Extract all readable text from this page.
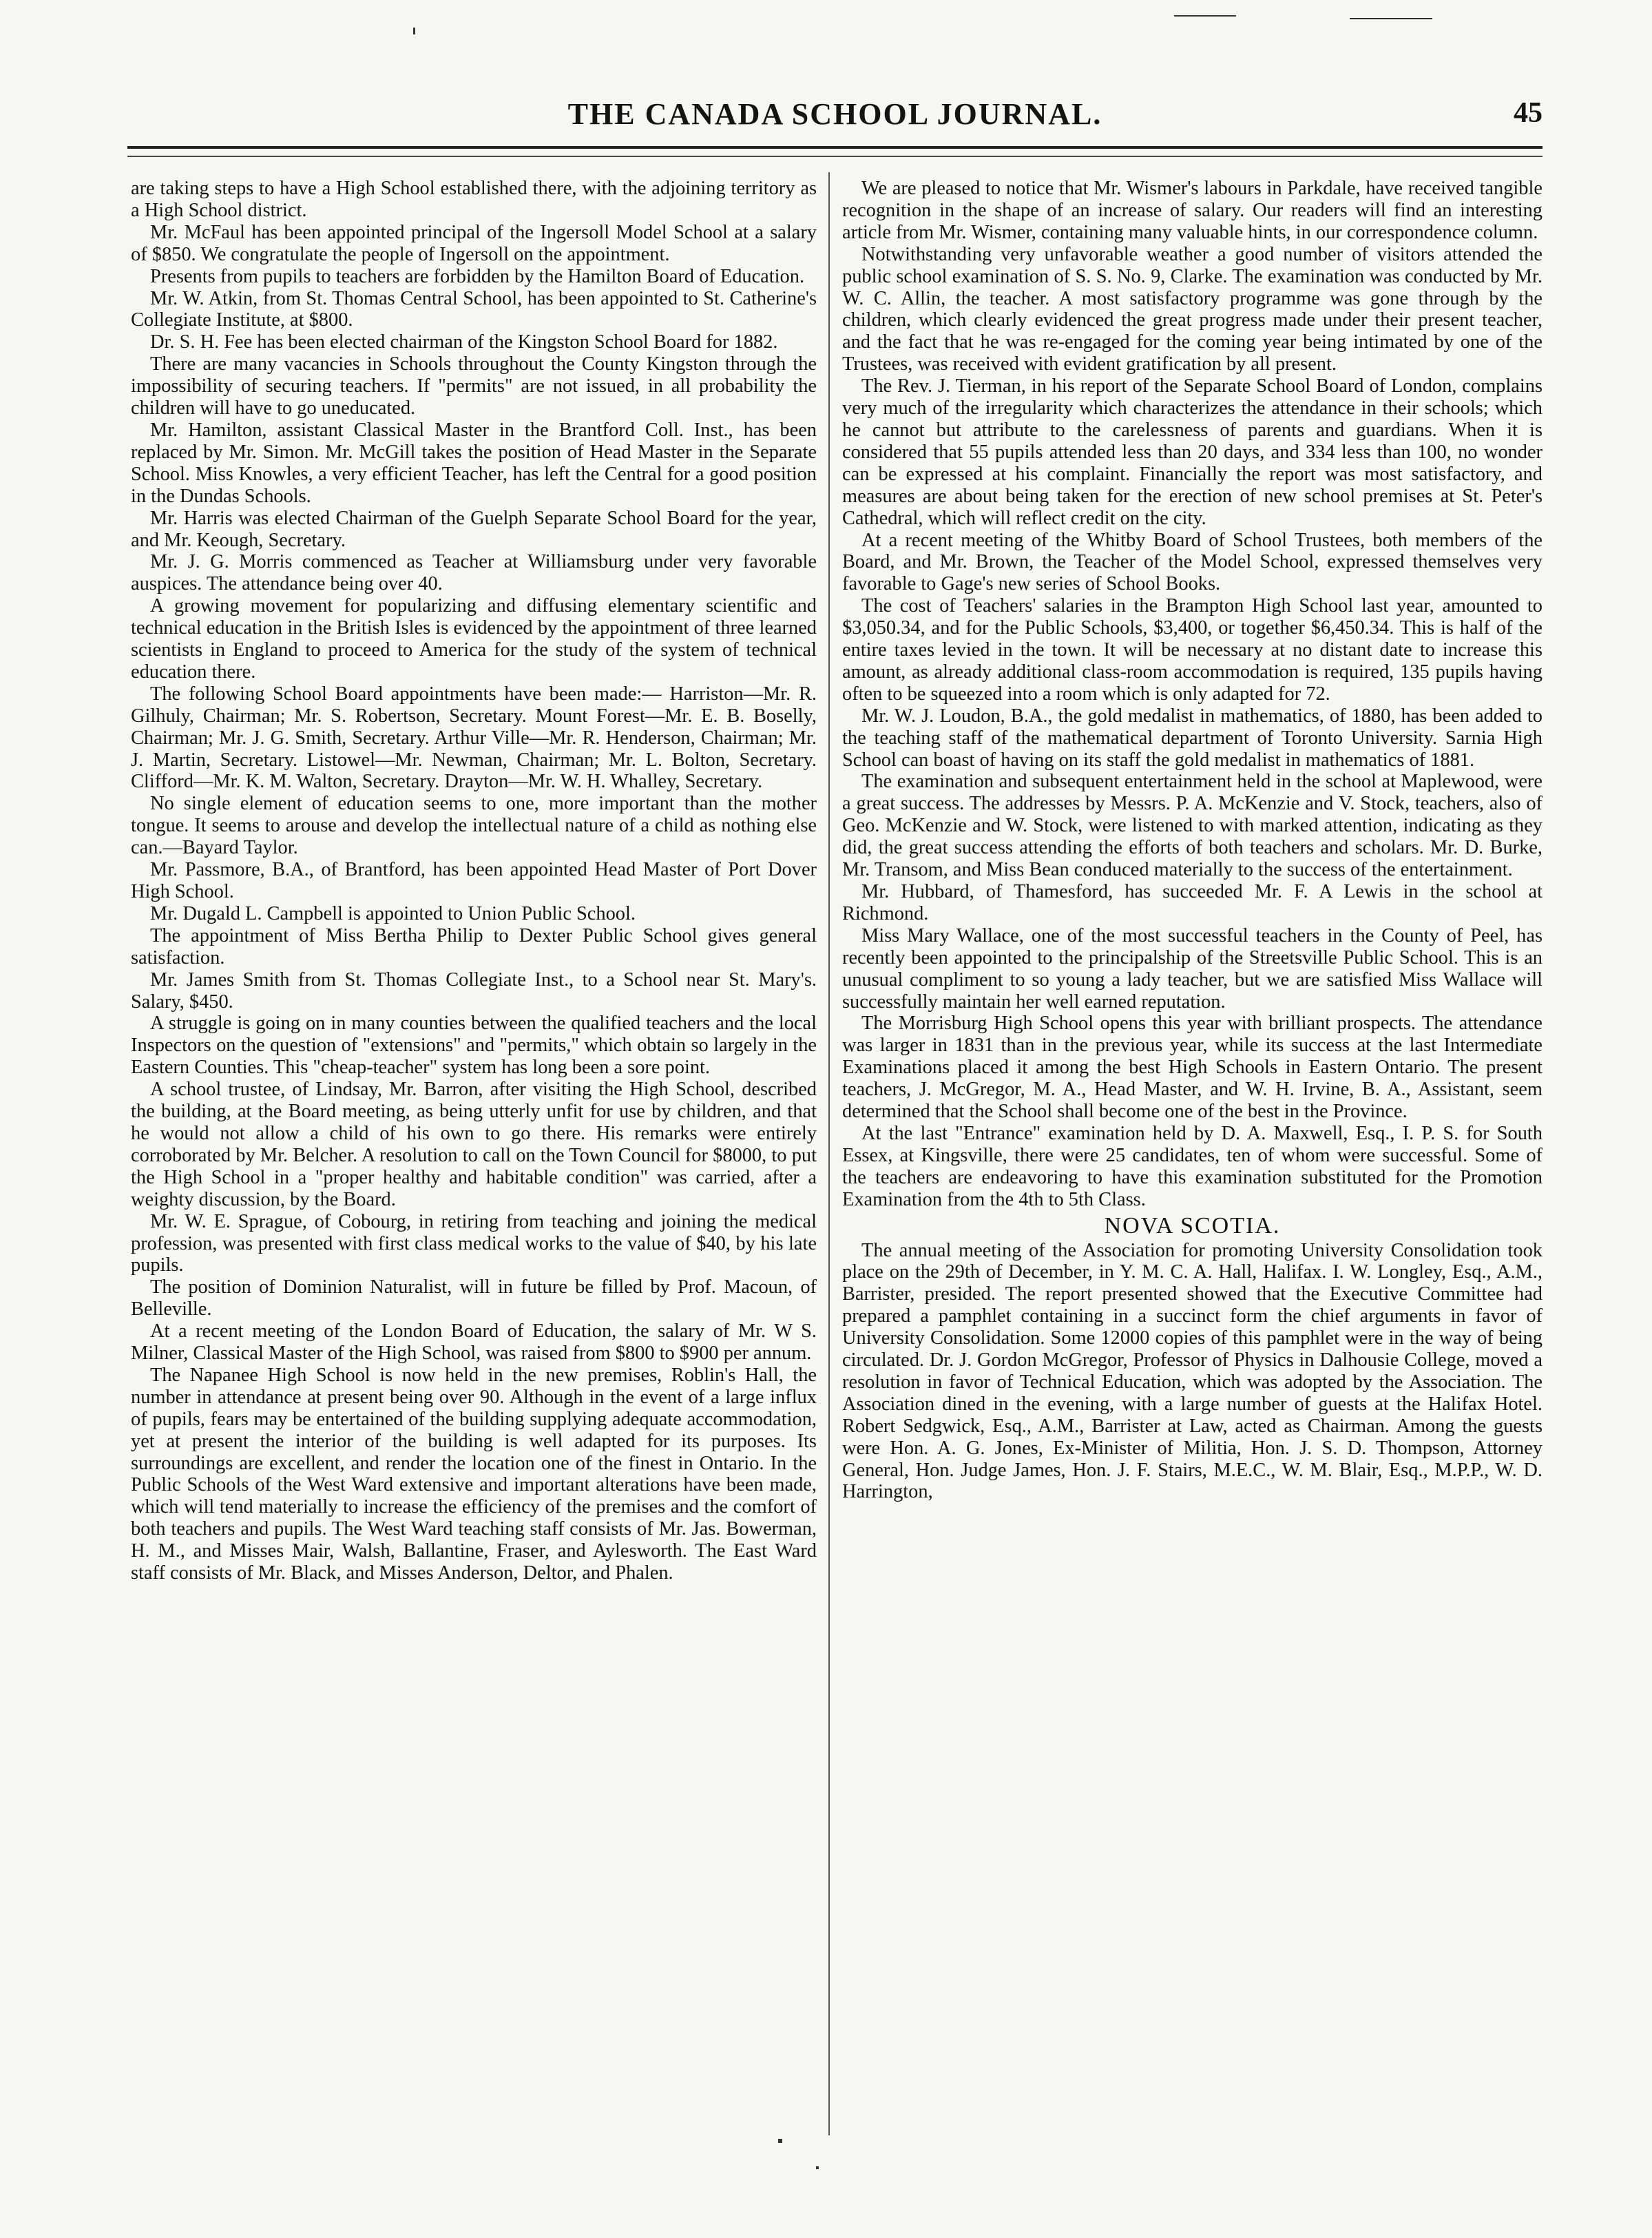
THE CANADA SCHOOL JOURNAL.	45

are taking steps to have a High School established there, with the adjoining territory as a High School district.

Mr. McFaul has been appointed principal of the Ingersoll Model School at a salary of $850. We congratulate the people of Ingersoll on the appointment.

Presents from pupils to teachers are forbidden by the Hamilton Board of Education.

Mr. W. Atkin, from St. Thomas Central School, has been appointed to St. Catherine's Collegiate Institute, at $800.

Dr. S. H. Fee has been elected chairman of the Kingston School Board for 1882.

There are many vacancies in Schools throughout the County Kingston through the impossibility of securing teachers. If "permits" are not issued, in all probability the children will have to go uneducated.

Mr. Hamilton, assistant Classical Master in the Brantford Coll. Inst., has been replaced by Mr. Simon. Mr. McGill takes the position of Head Master in the Separate School. Miss Knowles, a very efficient Teacher, has left the Central for a good position in the Dundas Schools.

Mr. Harris was elected Chairman of the Guelph Separate School Board for the year, and Mr. Keough, Secretary.

Mr. J. G. Morris commenced as Teacher at Williamsburg under very favorable auspices. The attendance being over 40.

A growing movement for popularizing and diffusing elementary scientific and technical education in the British Isles is evidenced by the appointment of three learned scientists in England to proceed to America for the study of the system of technical education there.

The following School Board appointments have been made:— Harriston—Mr. R. Gilhuly, Chairman; Mr. S. Robertson, Secretary. Mount Forest—Mr. E. B. Boselly, Chairman; Mr. J. G. Smith, Secretary. Arthur Ville—Mr. R. Henderson, Chairman; Mr. J. Martin, Secretary. Listowel—Mr. Newman, Chairman; Mr. L. Bolton, Secretary. Clifford—Mr. K. M. Walton, Secretary. Drayton—Mr. W. H. Whalley, Secretary.

No single element of education seems to one, more important than the mother tongue. It seems to arouse and develop the intellectual nature of a child as nothing else can.—Bayard Taylor.

Mr. Passmore, B.A., of Brantford, has been appointed Head Master of Port Dover High School.

Mr. Dugald L. Campbell is appointed to Union Public School.

The appointment of Miss Bertha Philip to Dexter Public School gives general satisfaction.

Mr. James Smith from St. Thomas Collegiate Inst., to a School near St. Mary's. Salary, $450.

A struggle is going on in many counties between the qualified teachers and the local Inspectors on the question of "extensions" and "permits," which obtain so largely in the Eastern Counties. This "cheap-teacher" system has long been a sore point.

A school trustee, of Lindsay, Mr. Barron, after visiting the High School, described the building, at the Board meeting, as being utterly unfit for use by children, and that he would not allow a child of his own to go there. His remarks were entirely corroborated by Mr. Belcher. A resolution to call on the Town Council for $8000, to put the High School in a "proper healthy and habitable condition" was carried, after a weighty discussion, by the Board.

Mr. W. E. Sprague, of Cobourg, in retiring from teaching and joining the medical profession, was presented with first class medical works to the value of $40, by his late pupils.

The position of Dominion Naturalist, will in future be filled by Prof. Macoun, of Belleville.

At a recent meeting of the London Board of Education, the salary of Mr. W S. Milner, Classical Master of the High School, was raised from $800 to $900 per annum.

The Napanee High School is now held in the new premises, Roblin's Hall, the number in attendance at present being over 90. Although in the event of a large influx of pupils, fears may be entertained of the building supplying adequate accommodation, yet at present the interior of the building is well adapted for its purposes. Its surroundings are excellent, and render the location one of the finest in Ontario. In the Public Schools of the West Ward extensive and important alterations have been made, which will tend materially to increase the efficiency of the premises and the comfort of both teachers and pupils. The West Ward teaching staff consists of Mr. Jas. Bowerman, H. M., and Misses Mair, Walsh, Ballantine, Fraser, and Aylesworth. The East Ward staff consists of Mr. Black, and Misses Anderson, Deltor, and Phalen.

We are pleased to notice that Mr. Wismer's labours in Parkdale, have received tangible recognition in the shape of an increase of salary. Our readers will find an interesting article from Mr. Wismer, containing many valuable hints, in our correspondence column.

Notwithstanding very unfavorable weather a good number of visitors attended the public school examination of S. S. No. 9, Clarke. The examination was conducted by Mr. W. C. Allin, the teacher. A most satisfactory programme was gone through by the children, which clearly evidenced the great progress made under their present teacher, and the fact that he was re-engaged for the coming year being intimated by one of the Trustees, was received with evident gratification by all present.

The Rev. J. Tierman, in his report of the Separate School Board of London, complains very much of the irregularity which characterizes the attendance in their schools; which he cannot but attribute to the carelessness of parents and guardians. When it is considered that 55 pupils attended less than 20 days, and 334 less than 100, no wonder can be expressed at his complaint. Financially the report was most satisfactory, and measures are about being taken for the erection of new school premises at St. Peter's Cathedral, which will reflect credit on the city.

At a recent meeting of the Whitby Board of School Trustees, both members of the Board, and Mr. Brown, the Teacher of the Model School, expressed themselves very favorable to Gage's new series of School Books.

The cost of Teachers' salaries in the Brampton High School last year, amounted to $3,050.34, and for the Public Schools, $3,400, or together $6,450.34. This is half of the entire taxes levied in the town. It will be necessary at no distant date to increase this amount, as already additional class-room accommodation is required, 135 pupils having often to be squeezed into a room which is only adapted for 72.

Mr. W. J. Loudon, B.A., the gold medalist in mathematics, of 1880, has been added to the teaching staff of the mathematical department of Toronto University. Sarnia High School can boast of having on its staff the gold medalist in mathematics of 1881.

The examination and subsequent entertainment held in the school at Maplewood, were a great success. The addresses by Messrs. P. A. McKenzie and V. Stock, teachers, also of Geo. McKenzie and W. Stock, were listened to with marked attention, indicating as they did, the great success attending the efforts of both teachers and scholars. Mr. D. Burke, Mr. Transom, and Miss Bean conduced materially to the success of the entertainment.

Mr. Hubbard, of Thamesford, has succeeded Mr. F. A Lewis in the school at Richmond.

Miss Mary Wallace, one of the most successful teachers in the County of Peel, has recently been appointed to the principalship of the Streetsville Public School. This is an unusual compliment to so young a lady teacher, but we are satisfied Miss Wallace will successfully maintain her well earned reputation.

The Morrisburg High School opens this year with brilliant prospects. The attendance was larger in 1831 than in the previous year, while its success at the last Intermediate Examinations placed it among the best High Schools in Eastern Ontario. The present teachers, J. McGregor, M. A., Head Master, and W. H. Irvine, B. A., Assistant, seem determined that the School shall become one of the best in the Province.

At the last "Entrance" examination held by D. A. Maxwell, Esq., I. P. S. for South Essex, at Kingsville, there were 25 candidates, ten of whom were successful. Some of the teachers are endeavoring to have this examination substituted for the Promotion Examination from the 4th to 5th Class.

NOVA SCOTIA.

The annual meeting of the Association for promoting University Consolidation took place on the 29th of December, in Y. M. C. A. Hall, Halifax. I. W. Longley, Esq., A.M., Barrister, presided. The report presented showed that the Executive Committee had prepared a pamphlet containing in a succinct form the chief arguments in favor of University Consolidation. Some 12000 copies of this pamphlet were in the way of being circulated. Dr. J. Gordon McGregor, Professor of Physics in Dalhousie College, moved a resolution in favor of Technical Education, which was adopted by the Association. The Association dined in the evening, with a large number of guests at the Halifax Hotel. Robert Sedgwick, Esq., A.M., Barrister at Law, acted as Chairman. Among the guests were Hon. A. G. Jones, Ex-Minister of Militia, Hon. J. S. D. Thompson, Attorney General, Hon. Judge James, Hon. J. F. Stairs, M.E.C., W. M. Blair, Esq., M.P.P., W. D. Harrington,
